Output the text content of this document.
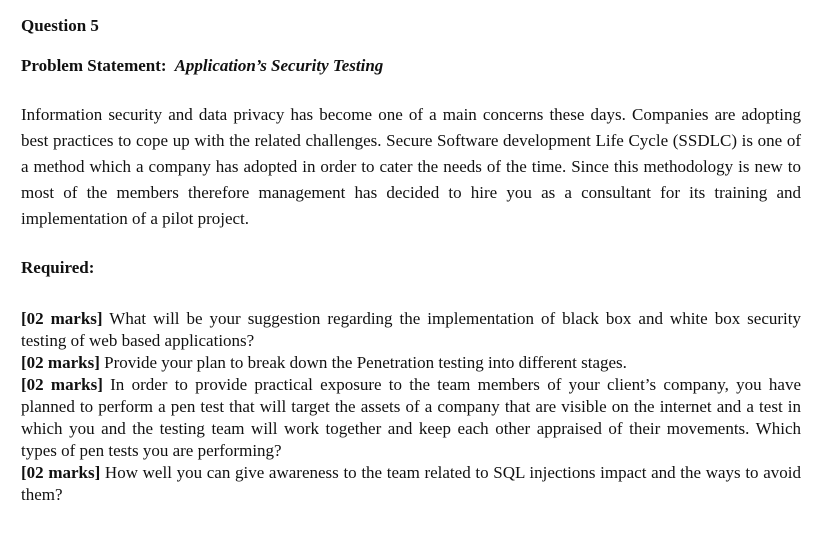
Question 5
Problem Statement: Application’s Security Testing

Information security and data privacy has become one of a main concerns these days. Companies are adopting best practices to cope up with the related challenges. Secure Software development Life Cycle (SSDLC) is one of a method which a company has adopted in order to cater the needs of the time. Since this methodology is new to most of the members therefore management has decided to hire you as a consultant for its training and implementation of a pilot project.

Required:

[02 marks] What will be your suggestion regarding the implementation of black box and white box security testing of web based applications?

[02 marks] Provide your plan to break down the Penetration testing into different stages.

[02 marks] In order to provide practical exposure to the team members of your client’s company, you have planned to perform a pen test that will target the assets of a company that are visible on the internet and a test in which you and the testing team will work together and keep each other appraised of their movements. Which types of pen tests you are performing?

[02 marks] How well you can give awareness to the team related to SQL injections impact and the ways to avoid them?
